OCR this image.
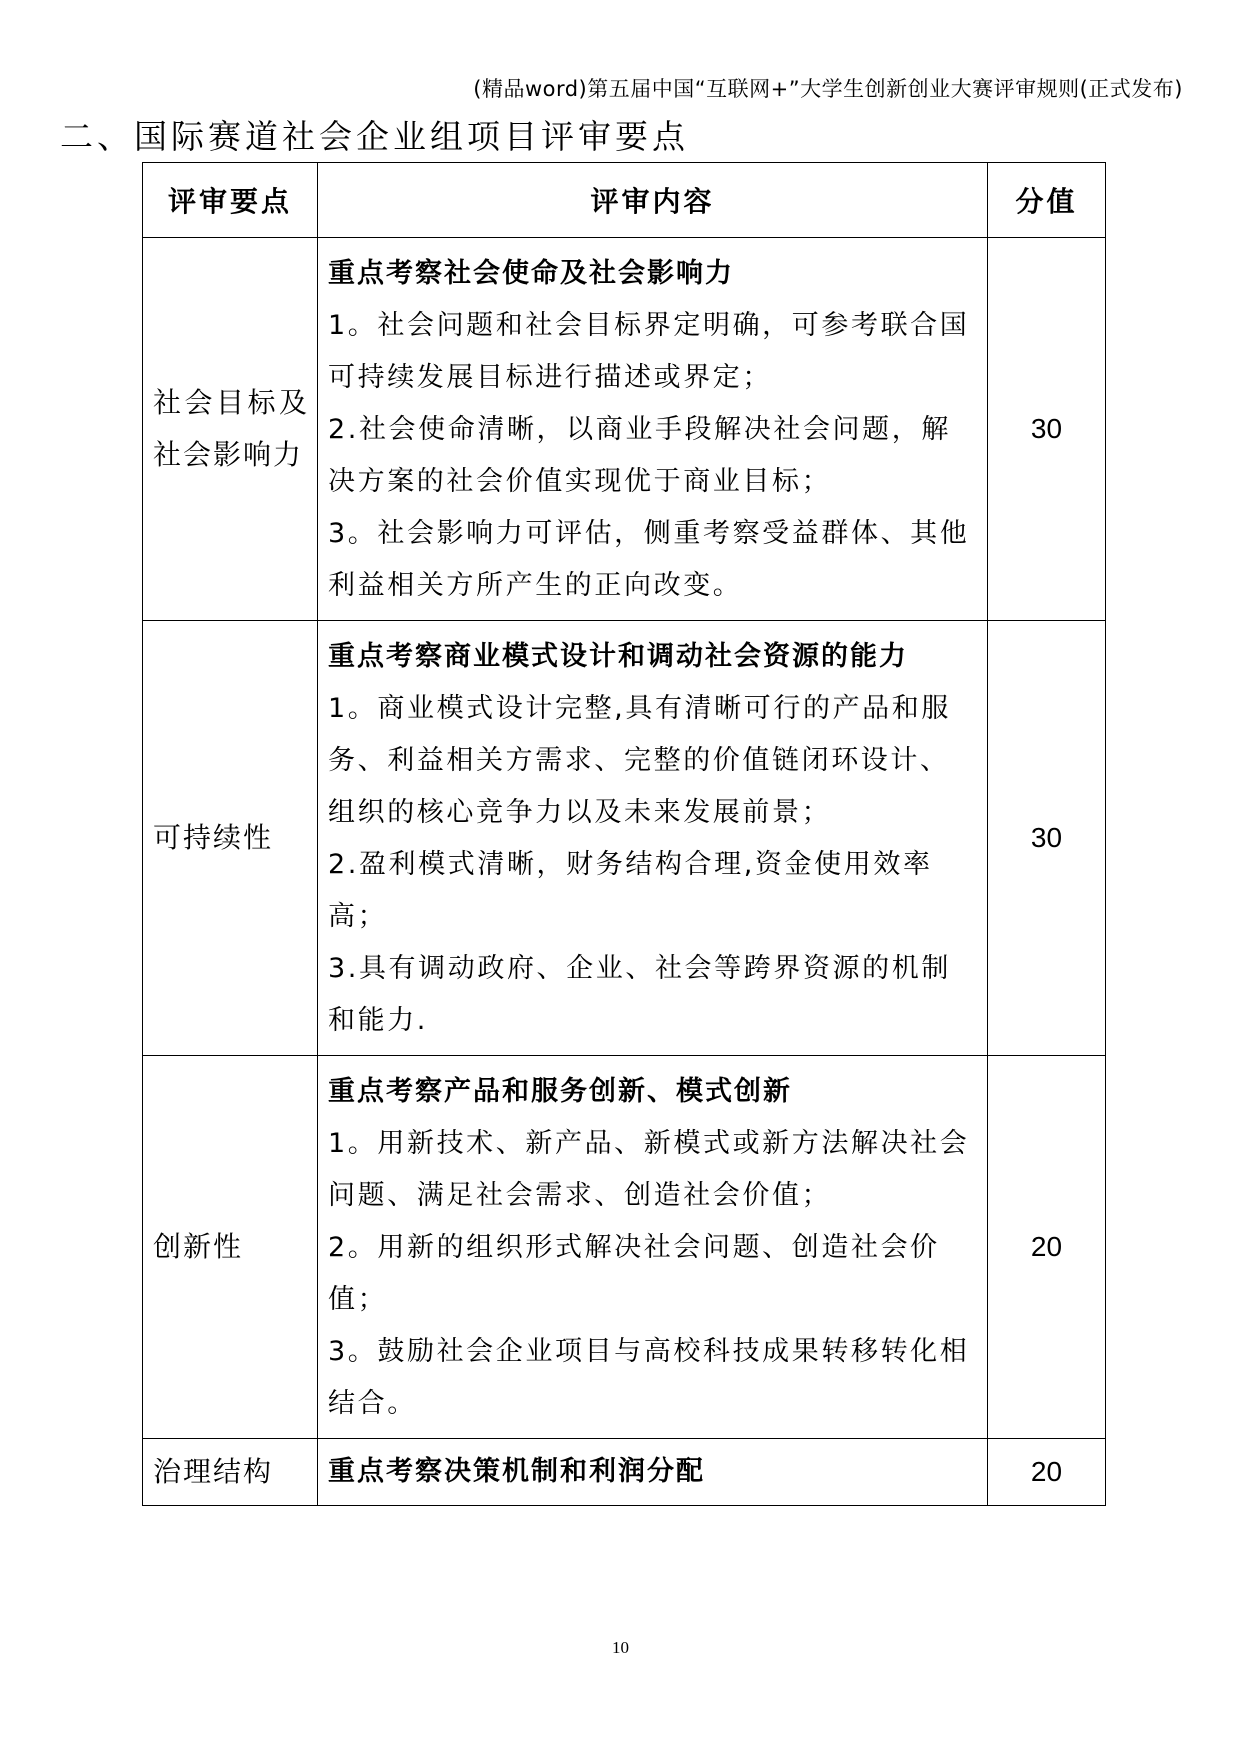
(精品word)第五届中国“互联网+”大学生创新创业大赛评审规则(正式发布)
二、国际赛道社会企业组项目评审要点
评审要点	评审内容	分值
社会目标及社会影响力	重点考察社会使命及社会影响力
1。社会问题和社会目标界定明确，可参考联合国可持续发展目标进行描述或界定；
2.社会使命清晰，以商业手段解决社会问题，解决方案的社会价值实现优于商业目标；
3。社会影响力可评估，侧重考察受益群体、其他利益相关方所产生的正向改变。	30
可持续性	重点考察商业模式设计和调动社会资源的能力
1。商业模式设计完整,具有清晰可行的产品和服务、利益相关方需求、完整的价值链闭环设计、组织的核心竞争力以及未来发展前景；
2.盈利模式清晰，财务结构合理,资金使用效率高；
3.具有调动政府、企业、社会等跨界资源的机制和能力.	30
创新性	重点考察产品和服务创新、模式创新
1。用新技术、新产品、新模式或新方法解决社会问题、满足社会需求、创造社会价值；
2。用新的组织形式解决社会问题、创造社会价值；
3。鼓励社会企业项目与高校科技成果转移转化相结合。	20
治理结构	重点考察决策机制和利润分配	20
10
